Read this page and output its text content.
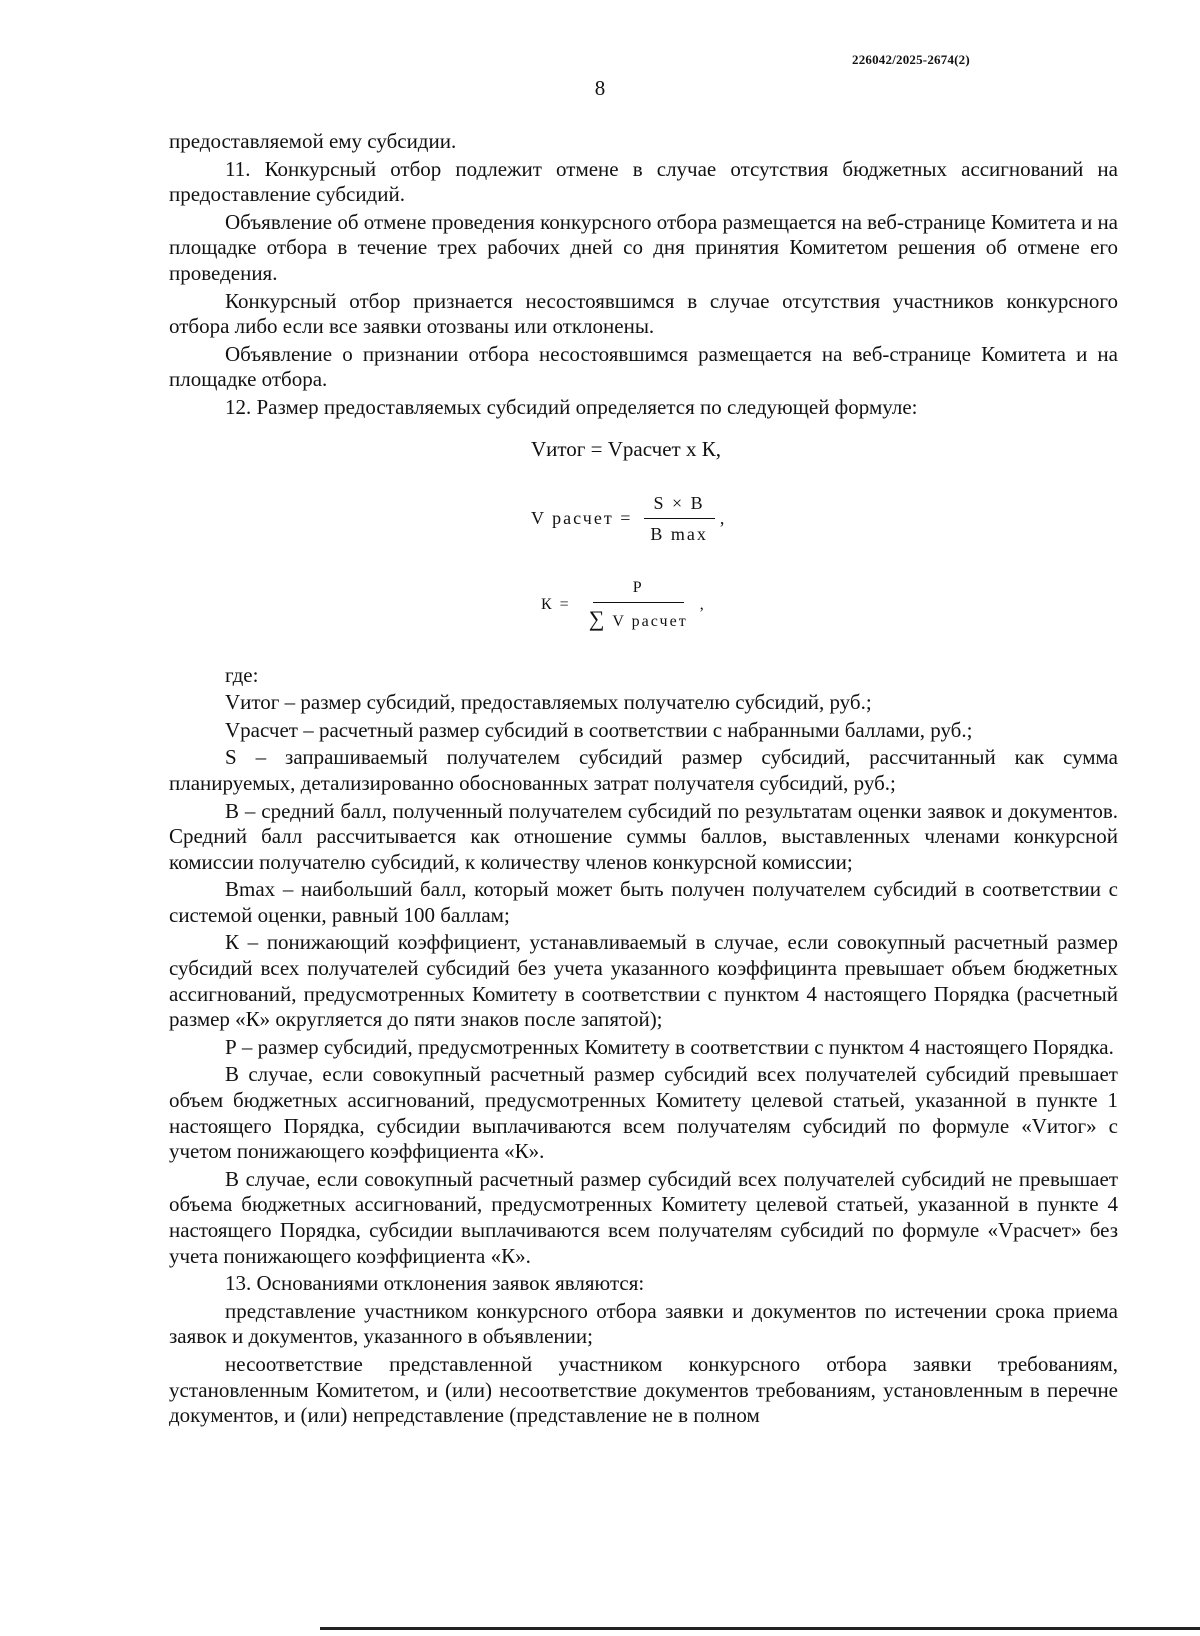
226042/2025-2674(2)
8

предоставляемой ему субсидии.

11. Конкурсный отбор подлежит отмене в случае отсутствия бюджетных ассигнований на предоставление субсидий.

Объявление об отмене проведения конкурсного отбора размещается на веб-странице Комитета и на площадке отбора в течение трех рабочих дней со дня принятия Комитетом решения об отмене его проведения.

Конкурсный отбор признается несостоявшимся в случае отсутствия участников конкурсного отбора либо если все заявки отозваны или отклонены.

Объявление о признании отбора несостоявшимся размещается на веб-странице Комитета и на площадке отбора.

12. Размер предоставляемых субсидий определяется по следующей формуле:

Vитог = Vрасчет х К,
V расчет = $\frac{S \times B}{\text{B max}}$ ,
$К = \frac{P}{\text{∑ V расчет}}$ ,

где:

Vитог – размер субсидий, предоставляемых получателю субсидий, руб.;

Vрасчет – расчетный размер субсидий в соответствии с набранными баллами, руб.;

S – запрашиваемый получателем субсидий размер субсидий, рассчитанный как сумма планируемых, детализированно обоснованных затрат получателя субсидий, руб.;

B – средний балл, полученный получателем субсидий по результатам оценки заявок и документов. Средний балл рассчитывается как отношение суммы баллов, выставленных членами конкурсной комиссии получателю субсидий, к количеству членов конкурсной комиссии;

Bmax – наибольший балл, который может быть получен получателем субсидий в соответствии с системой оценки, равный 100 баллам;

К – понижающий коэффициент, устанавливаемый в случае, если совокупный расчетный размер субсидий всех получателей субсидий без учета указанного коэффицинта превышает объем бюджетных ассигнований, предусмотренных Комитету в соответствии с пунктом 4 настоящего Порядка (расчетный размер «К» округляется до пяти знаков после запятой);

Р – размер субсидий, предусмотренных Комитету в соответствии с пунктом 4 настоящего Порядка.

В случае, если совокупный расчетный размер субсидий всех получателей субсидий превышает объем бюджетных ассигнований, предусмотренных Комитету целевой статьей, указанной в пункте 1 настоящего Порядка, субсидии выплачиваются всем получателям субсидий по формуле «Vитог» с учетом понижающего коэффициента «К».

В случае, если совокупный расчетный размер субсидий всех получателей субсидий не превышает объема бюджетных ассигнований, предусмотренных Комитету целевой статьей, указанной в пункте 4 настоящего Порядка, субсидии выплачиваются всем получателям субсидий по формуле «Vрасчет» без учета понижающего коэффициента «К».

13. Основаниями отклонения заявок являются:

представление участником конкурсного отбора заявки и документов по истечении срока приема заявок и документов, указанного в объявлении;

несоответствие представленной участником конкурсного отбора заявки требованиям, установленным Комитетом, и (или) несоответствие документов требованиям, установленным в перечне документов, и (или) непредставление (представление не в полном
